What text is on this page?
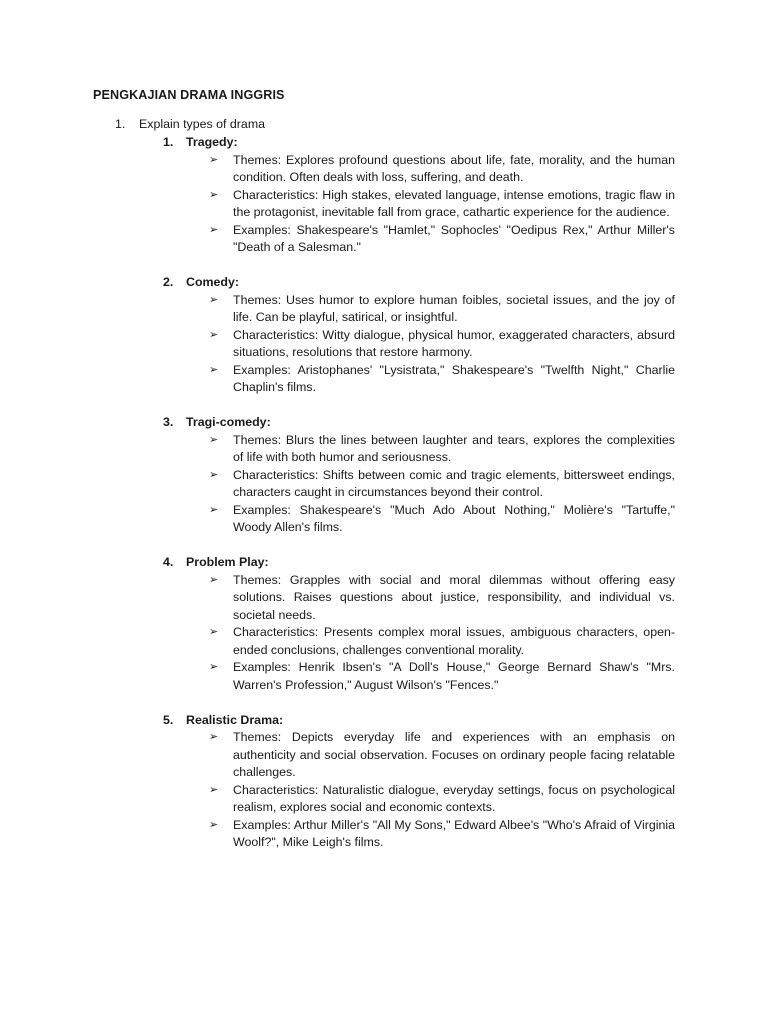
PENGKAJIAN DRAMA INGGRIS
1. Explain types of drama
1. Tragedy:
➢	Themes: Explores profound questions about life, fate, morality, and the human condition. Often deals with loss, suffering, and death.
➢	Characteristics: High stakes, elevated language, intense emotions, tragic flaw in the protagonist, inevitable fall from grace, cathartic experience for the audience.
➢	Examples: Shakespeare's "Hamlet," Sophocles' "Oedipus Rex," Arthur Miller's "Death of a Salesman."
2. Comedy:
➢	Themes: Uses humor to explore human foibles, societal issues, and the joy of life. Can be playful, satirical, or insightful.
➢	Characteristics: Witty dialogue, physical humor, exaggerated characters, absurd situations, resolutions that restore harmony.
➢	Examples: Aristophanes' "Lysistrata," Shakespeare's "Twelfth Night," Charlie Chaplin's films.
3. Tragi-comedy:
➢	Themes: Blurs the lines between laughter and tears, explores the complexities of life with both humor and seriousness.
➢	Characteristics: Shifts between comic and tragic elements, bittersweet endings, characters caught in circumstances beyond their control.
➢	Examples: Shakespeare's "Much Ado About Nothing," Molière's "Tartuffe," Woody Allen's films.
4. Problem Play:
➢	Themes: Grapples with social and moral dilemmas without offering easy solutions. Raises questions about justice, responsibility, and individual vs. societal needs.
➢	Characteristics: Presents complex moral issues, ambiguous characters, open-ended conclusions, challenges conventional morality.
➢	Examples: Henrik Ibsen's "A Doll's House," George Bernard Shaw's "Mrs. Warren's Profession," August Wilson's "Fences."
5. Realistic Drama:
➢	Themes: Depicts everyday life and experiences with an emphasis on authenticity and social observation. Focuses on ordinary people facing relatable challenges.
➢	Characteristics: Naturalistic dialogue, everyday settings, focus on psychological realism, explores social and economic contexts.
➢	Examples: Arthur Miller's "All My Sons," Edward Albee's "Who's Afraid of Virginia Woolf?", Mike Leigh's films.
